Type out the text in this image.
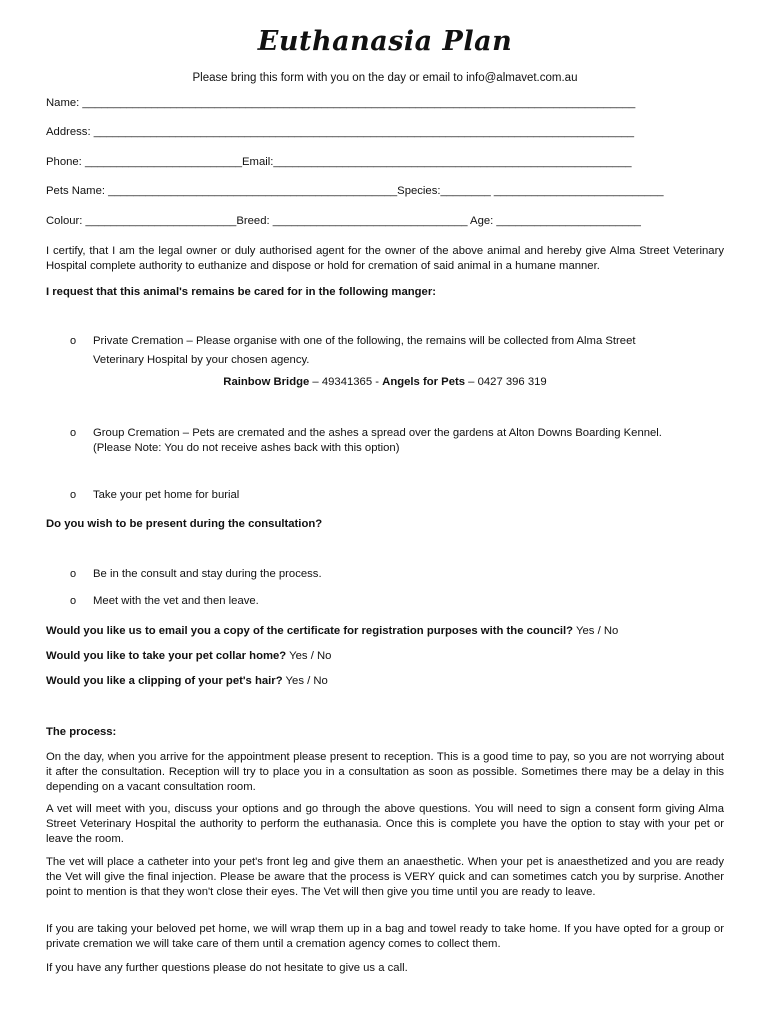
Euthanasia Plan
Please bring this form with you on the day or email to info@almavet.com.au
Name: ________________________________________________________________________________________
Address: ______________________________________________________________________________________
Phone: _________________________Email:_________________________________________________________
Pets Name: ______________________________________________Species:________ ___________________________
Colour: ________________________Breed: _______________________________ Age: _______________________
I certify, that I am the legal owner or duly authorised agent for the owner of the above animal and hereby give Alma Street Veterinary Hospital complete authority to euthanize and dispose or hold for cremation of said animal in a humane manner.
I request that this animal's remains be cared for in the following manger:
o Private Cremation – Please organise with one of the following, the remains will be collected from Alma Street
Veterinary Hospital by your chosen agency.
Rainbow Bridge – 49341365 - Angels for Pets – 0427 396 319
o Group Cremation – Pets are cremated and the ashes a spread over the gardens at Alton Downs Boarding Kennel. (Please Note: You do not receive ashes back with this option)
o Take your pet home for burial
Do you wish to be present during the consultation?
o Be in the consult and stay during the process.
o Meet with the vet and then leave.
Would you like us to email you a copy of the certificate for registration purposes with the council? Yes / No
Would you like to take your pet collar home? Yes / No
Would you like a clipping of your pet's hair? Yes / No
The process:
On the day, when you arrive for the appointment please present to reception. This is a good time to pay, so you are not worrying about it after the consultation. Reception will try to place you in a consultation as soon as possible. Sometimes there may be a delay in this depending on a vacant consultation room.
A vet will meet with you, discuss your options and go through the above questions. You will need to sign a consent form giving Alma Street Veterinary Hospital the authority to perform the euthanasia. Once this is complete you have the option to stay with your pet or leave the room.
The vet will place a catheter into your pet's front leg and give them an anaesthetic. When your pet is anaesthetized and you are ready the Vet will give the final injection. Please be aware that the process is VERY quick and can sometimes catch you by surprise. Another point to mention is that they won't close their eyes. The Vet will then give you time until you are ready to leave.
If you are taking your beloved pet home, we will wrap them up in a bag and towel ready to take home. If you have opted for a group or private cremation we will take care of them until a cremation agency comes to collect them.
If you have any further questions please do not hesitate to give us a call.
